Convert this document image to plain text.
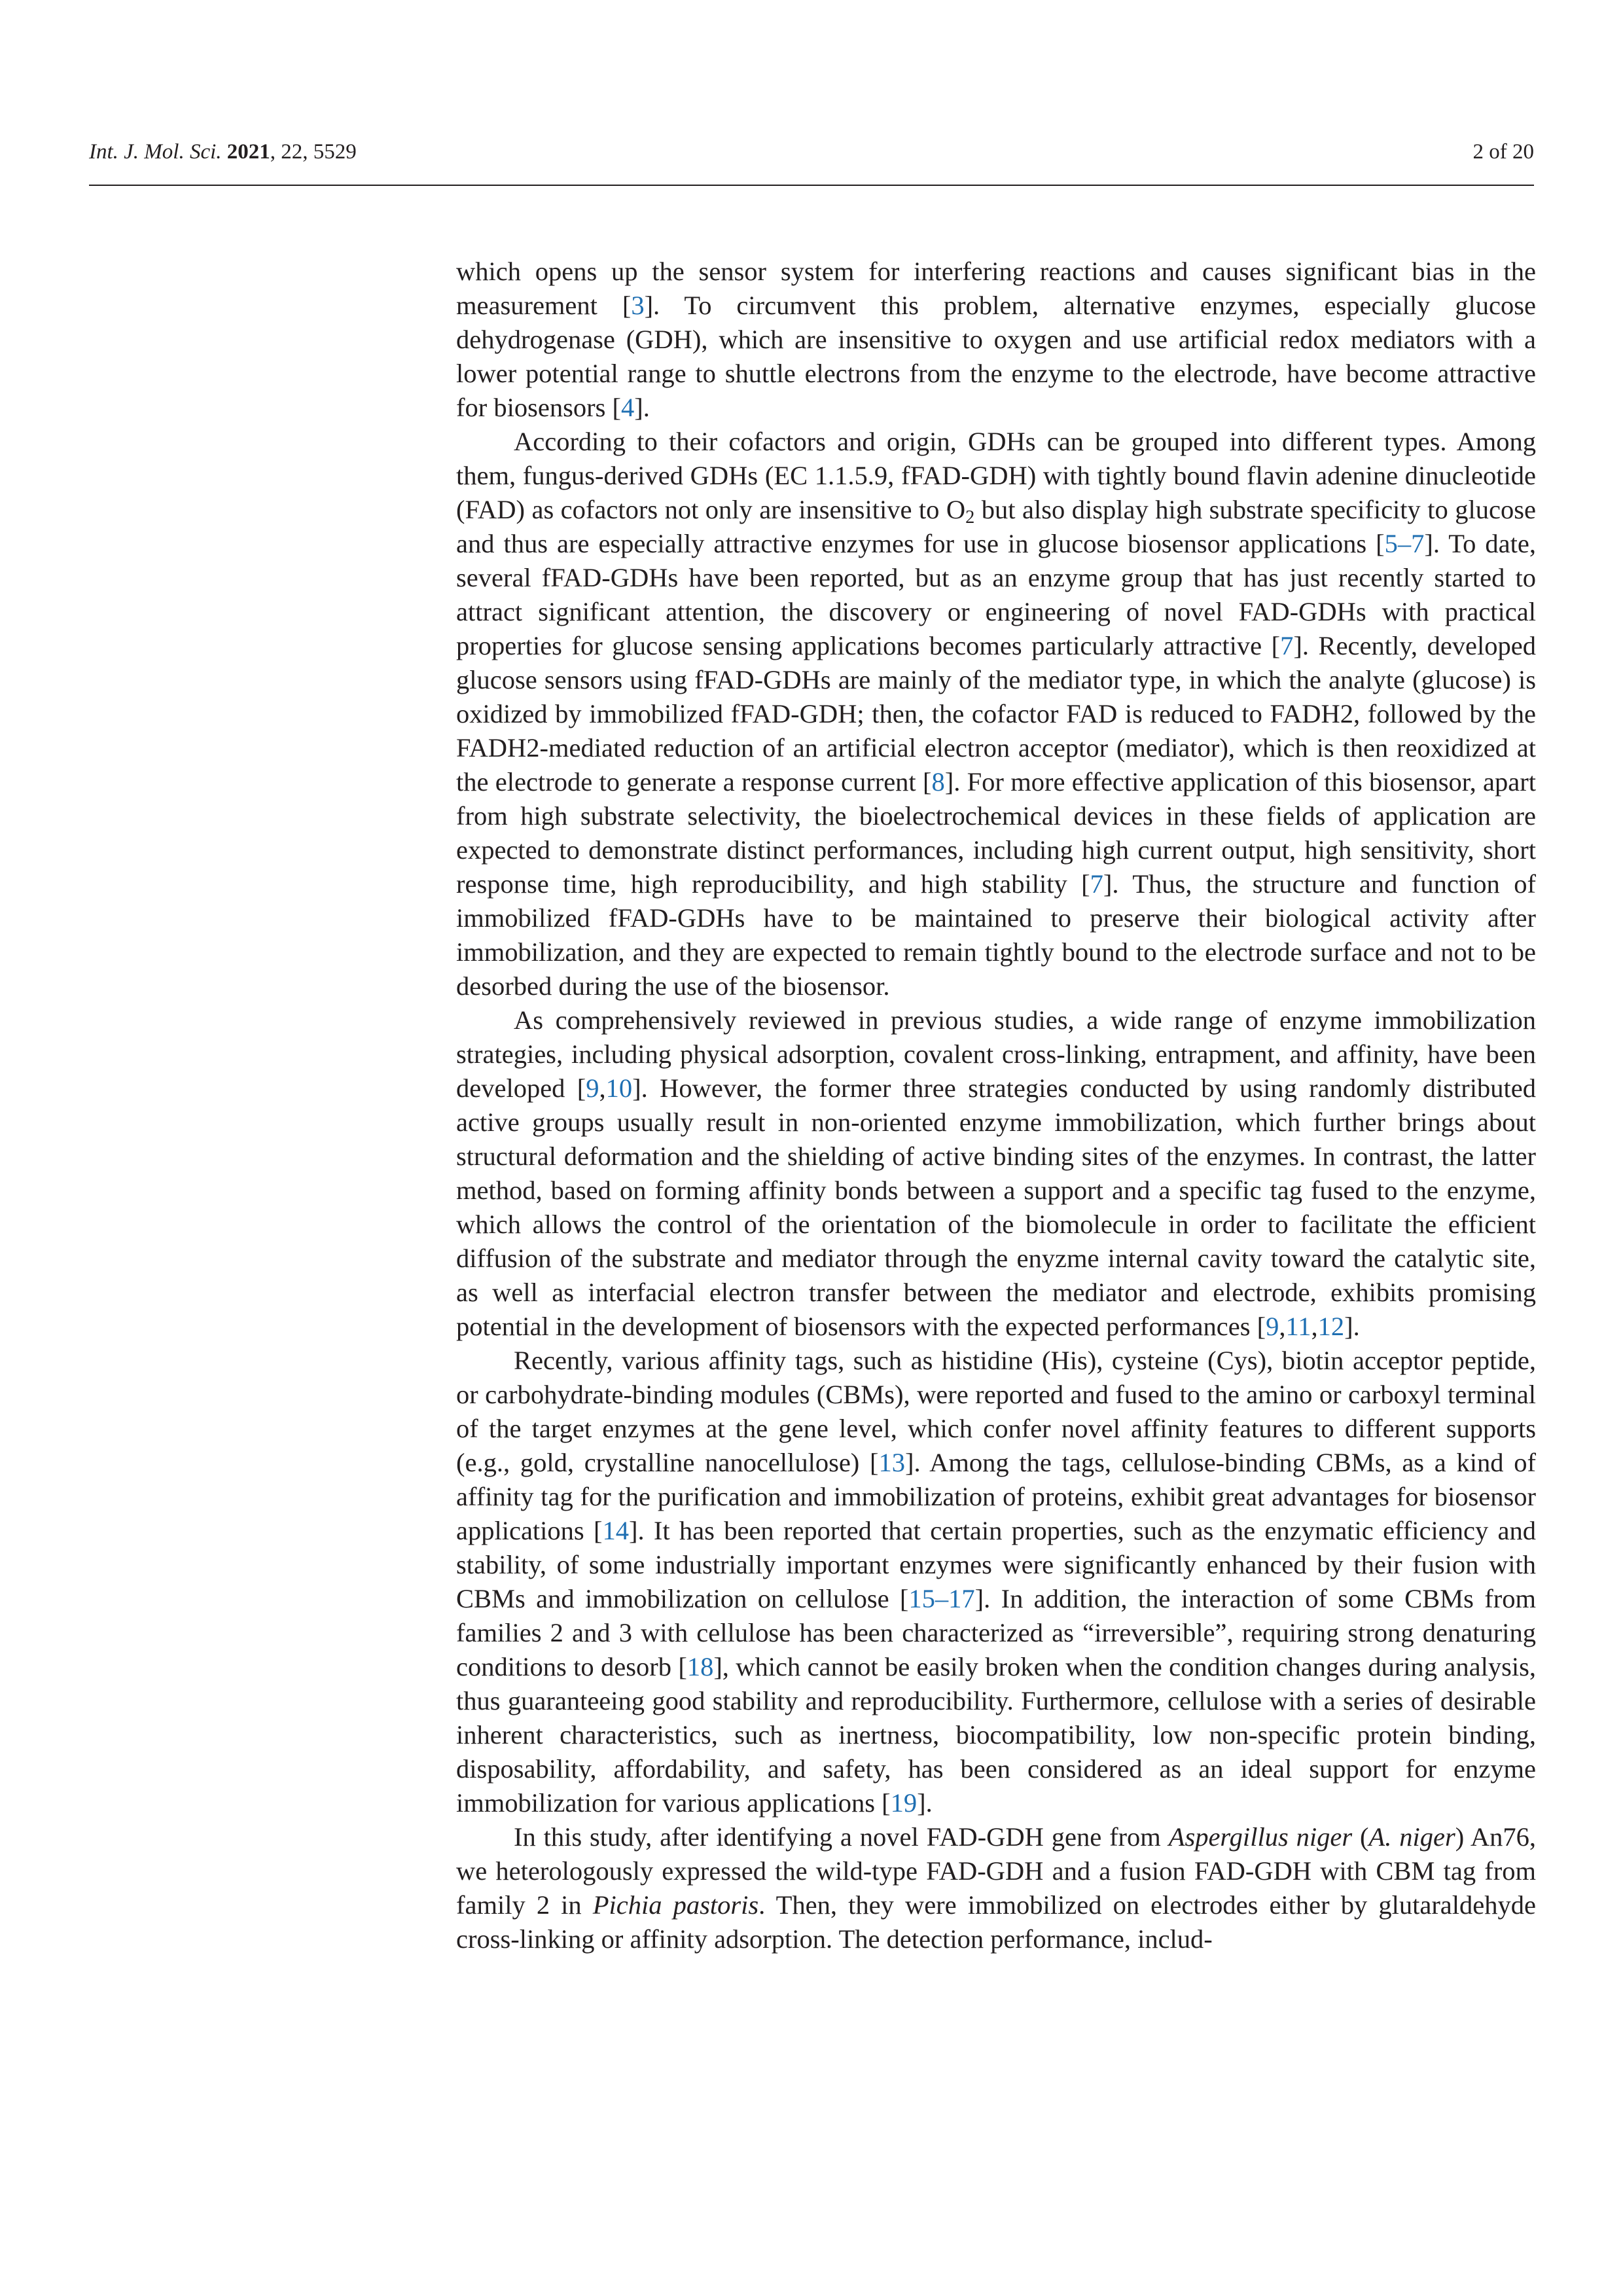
Int. J. Mol. Sci. 2021, 22, 5529	2 of 20

which opens up the sensor system for interfering reactions and causes significant bias in the measurement [3]. To circumvent this problem, alternative enzymes, especially glucose dehydrogenase (GDH), which are insensitive to oxygen and use artificial redox mediators with a lower potential range to shuttle electrons from the enzyme to the electrode, have become attractive for biosensors [4].

According to their cofactors and origin, GDHs can be grouped into different types. Among them, fungus-derived GDHs (EC 1.1.5.9, fFAD-GDH) with tightly bound flavin adenine dinucleotide (FAD) as cofactors not only are insensitive to $O_2$ but also display high substrate specificity to glucose and thus are especially attractive enzymes for use in glucose biosensor applications [5–7]. To date, several fFAD-GDHs have been reported, but as an enzyme group that has just recently started to attract significant attention, the discovery or engineering of novel FAD-GDHs with practical properties for glucose sensing applications becomes particularly attractive [7]. Recently, developed glucose sensors using fFAD-GDHs are mainly of the mediator type, in which the analyte (glucose) is oxidized by immobilized fFAD-GDH; then, the cofactor FAD is reduced to FADH2, followed by the FADH2-mediated reduction of an artificial electron acceptor (mediator), which is then reoxidized at the electrode to generate a response current [8]. For more effective application of this biosensor, apart from high substrate selectivity, the bioelectrochemical devices in these fields of application are expected to demonstrate distinct performances, including high current output, high sensitivity, short response time, high reproducibility, and high stability [7]. Thus, the structure and function of immobilized fFAD-GDHs have to be maintained to preserve their biological activity after immobilization, and they are expected to remain tightly bound to the electrode surface and not to be desorbed during the use of the biosensor.

As comprehensively reviewed in previous studies, a wide range of enzyme immobilization strategies, including physical adsorption, covalent cross-linking, entrapment, and affinity, have been developed [9,10]. However, the former three strategies conducted by using randomly distributed active groups usually result in non-oriented enzyme immobilization, which further brings about structural deformation and the shielding of active binding sites of the enzymes. In contrast, the latter method, based on forming affinity bonds between a support and a specific tag fused to the enzyme, which allows the control of the orientation of the biomolecule in order to facilitate the efficient diffusion of the substrate and mediator through the enyzme internal cavity toward the catalytic site, as well as interfacial electron transfer between the mediator and electrode, exhibits promising potential in the development of biosensors with the expected performances [9,11,12].

Recently, various affinity tags, such as histidine (His), cysteine (Cys), biotin acceptor peptide, or carbohydrate-binding modules (CBMs), were reported and fused to the amino or carboxyl terminal of the target enzymes at the gene level, which confer novel affinity features to different supports (e.g., gold, crystalline nanocellulose) [13]. Among the tags, cellulose-binding CBMs, as a kind of affinity tag for the purification and immobilization of proteins, exhibit great advantages for biosensor applications [14]. It has been reported that certain properties, such as the enzymatic efficiency and stability, of some industrially important enzymes were significantly enhanced by their fusion with CBMs and immobilization on cellulose [15–17]. In addition, the interaction of some CBMs from families 2 and 3 with cellulose has been characterized as “irreversible”, requiring strong denaturing conditions to desorb [18], which cannot be easily broken when the condition changes during analysis, thus guaranteeing good stability and reproducibility. Furthermore, cellulose with a series of desirable inherent characteristics, such as inertness, biocompatibility, low non-specific protein binding, disposability, affordability, and safety, has been considered as an ideal support for enzyme immobilization for various applications [19].

In this study, after identifying a novel FAD-GDH gene from Aspergillus niger (A. niger) An76, we heterologously expressed the wild-type FAD-GDH and a fusion FAD-GDH with CBM tag from family 2 in Pichia pastoris. Then, they were immobilized on electrodes either by glutaraldehyde cross-linking or affinity adsorption. The detection performance, includ-
